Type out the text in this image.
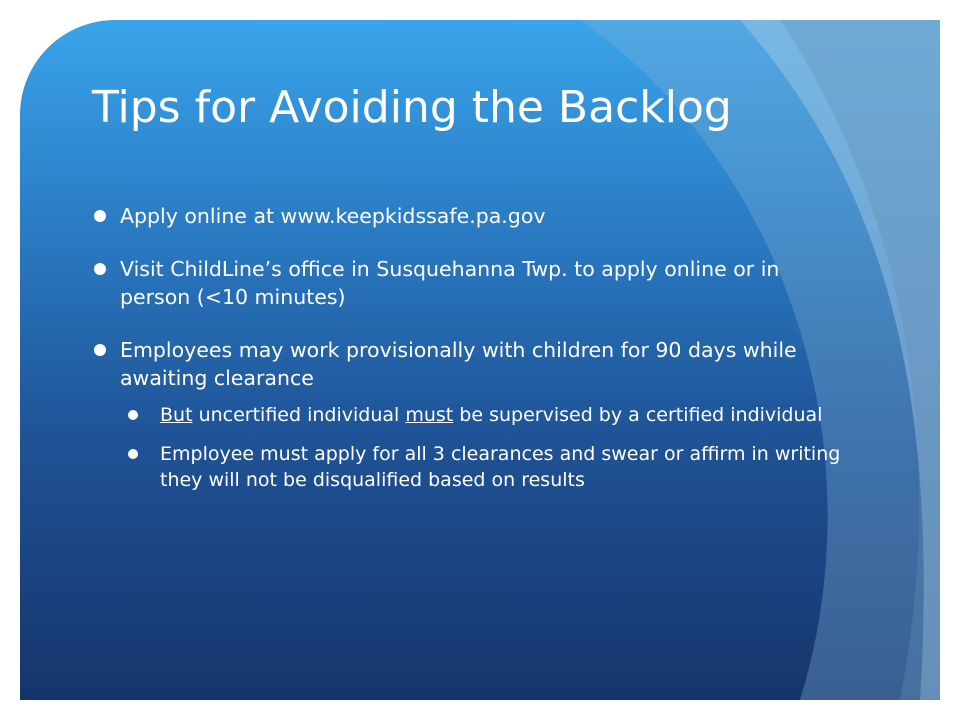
Tips for Avoiding the Backlog
Apply online at www.keepkidssafe.pa.gov
Visit ChildLine’s office in Susquehanna Twp. to apply online or in person (<10 minutes)
Employees may work provisionally with children for 90 days while awaiting clearance
But uncertified individual must be supervised by a certified individual
Employee must apply for all 3 clearances and swear or affirm in writing they will not be disqualified based on results
